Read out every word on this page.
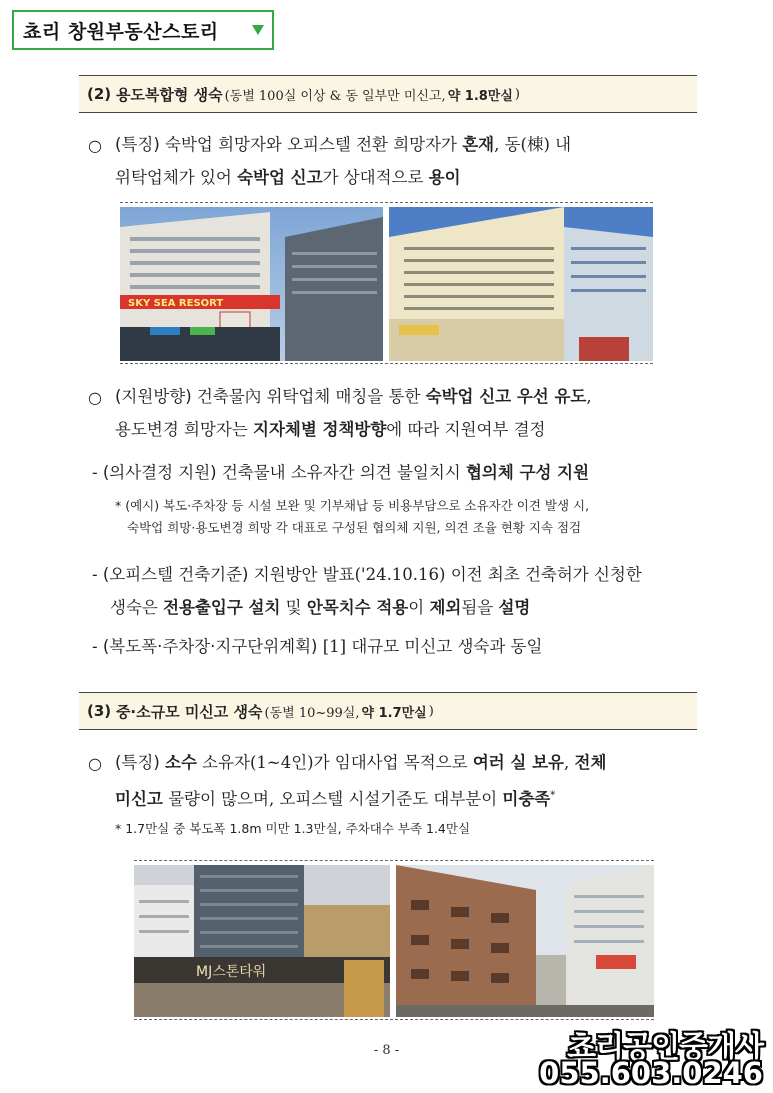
쵸리 창원부동산스토리
(2)
용도복합형 생숙 (동별 100실 이상 & 동 일부만 미신고, 약 1.8만실 )
○ (특징) 숙박업 희망자와 오피스텔 전환 희망자가 혼재, 동(棟) 내
위탁업체가 있어 숙박업 신고가 상대적으로 용이
SKY SEA RESORT
○ (지원방향) 건축물內 위탁업체 매칭을 통한 숙박업 신고 우선 유도,
용도변경 희망자는 지자체별 정책방향에 따라 지원여부 결정
- (의사결정 지원) 건축물내 소유자간 의견 불일치시 협의체 구성 지원
* (예시) 복도·주차장 등 시설 보완 및 기부채납 등 비용부담으로 소유자간 이견 발생 시,
숙박업 희망·용도변경 희망 각 대표로 구성된 협의체 지원, 의견 조율 현황 지속 점검
- (오피스텔 건축기준) 지원방안 발표('24.10.16) 이전 최초 건축허가 신청한
생숙은 전용출입구 설치 및 안목치수 적용이 제외됨을 설명
- (복도폭·주차장·지구단위계획) [1] 대규모 미신고 생숙과 동일
(3)
중·소규모 미신고 생숙 (동별 10~99실, 약 1.7만실 )
○ (특징) 소수 소유자(1~4인)가 임대사업 목적으로 여러 실 보유, 전체
미신고 물량이 많으며, 오피스텔 시설기준도 대부분이 미충족*
* 1.7만실 중 복도폭 1.8m 미만 1.3만실, 주차대수 부족 1.4만실
MJ스톤타워
- 8 -	쵸리공인중개사
055.603.0246
